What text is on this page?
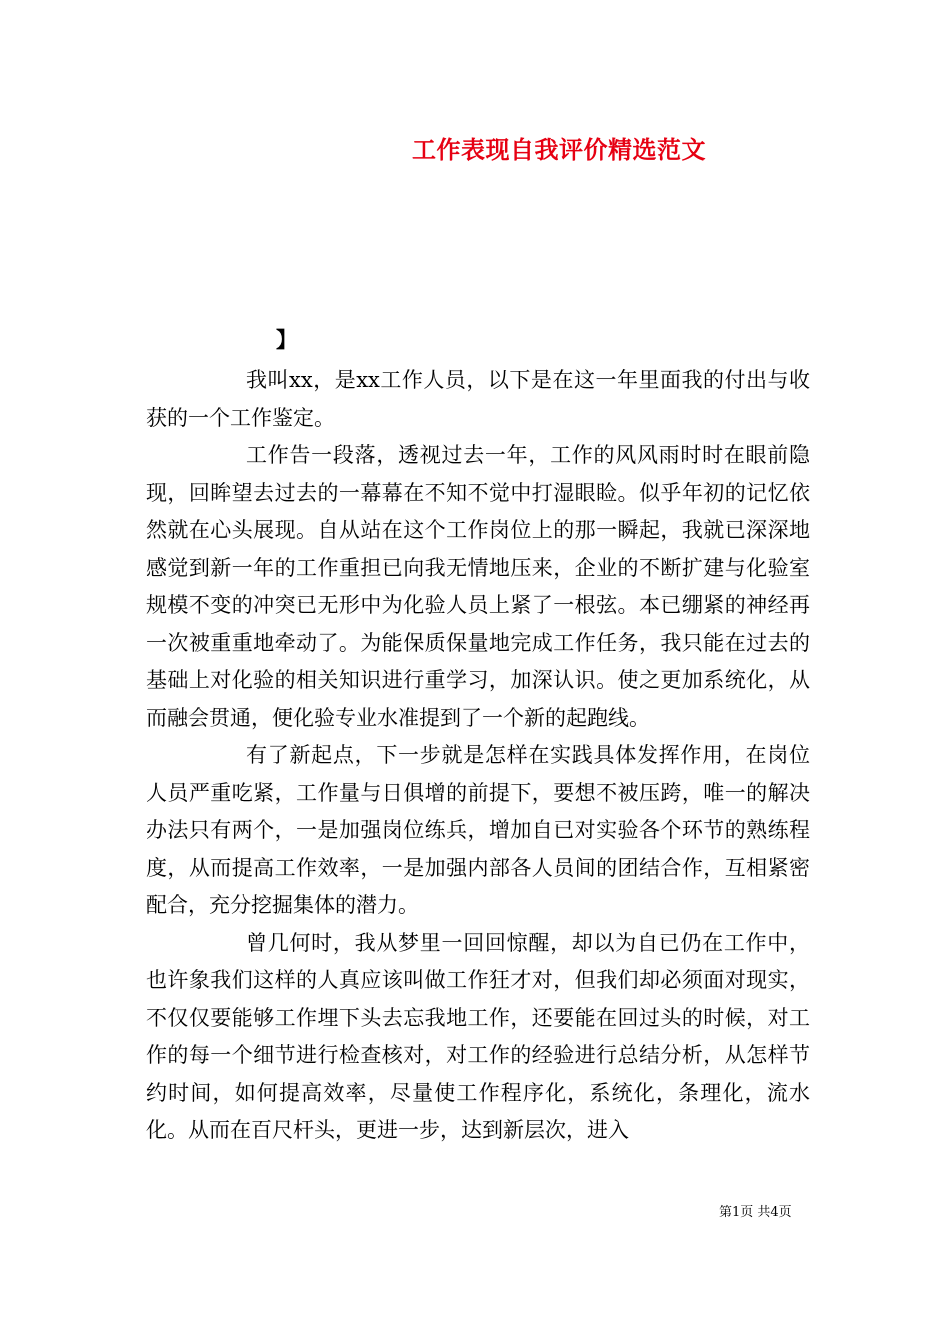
工作表现自我评价精选范文
】

我叫xx，是xx工作人员，以下是在这一年里面我的付出与收获的一个工作鉴定。

工作告一段落，透视过去一年，工作的风风雨时时在眼前隐现，回眸望去过去的一幕幕在不知不觉中打湿眼睑。似乎年初的记忆依然就在心头展现。自从站在这个工作岗位上的那一瞬起，我就已深深地感觉到新一年的工作重担已向我无情地压来，企业的不断扩建与化验室规模不变的冲突已无形中为化验人员上紧了一根弦。本已绷紧的神经再一次被重重地牵动了。为能保质保量地完成工作任务，我只能在过去的基础上对化验的相关知识进行重学习，加深认识。使之更加系统化，从而融会贯通，便化验专业水准提到了一个新的起跑线。

有了新起点，下一步就是怎样在实践具体发挥作用，在岗位人员严重吃紧，工作量与日俱增的前提下，要想不被压跨，唯一的解决办法只有两个，一是加强岗位练兵，增加自已对实验各个环节的熟练程度，从而提高工作效率，一是加强内部各人员间的团结合作，互相紧密配合，充分挖掘集体的潜力。

曾几何时，我从梦里一回回惊醒，却以为自已仍在工作中，也许象我们这样的人真应该叫做工作狂才对，但我们却必须面对现实，不仅仅要能够工作埋下头去忘我地工作，还要能在回过头的时候，对工作的每一个细节进行检查核对，对工作的经验进行总结分析，从怎样节约时间，如何提高效率，尽量使工作程序化，系统化，条理化，流水化。从而在百尺杆头，更进一步，达到新层次，进入

第1页 共4页
